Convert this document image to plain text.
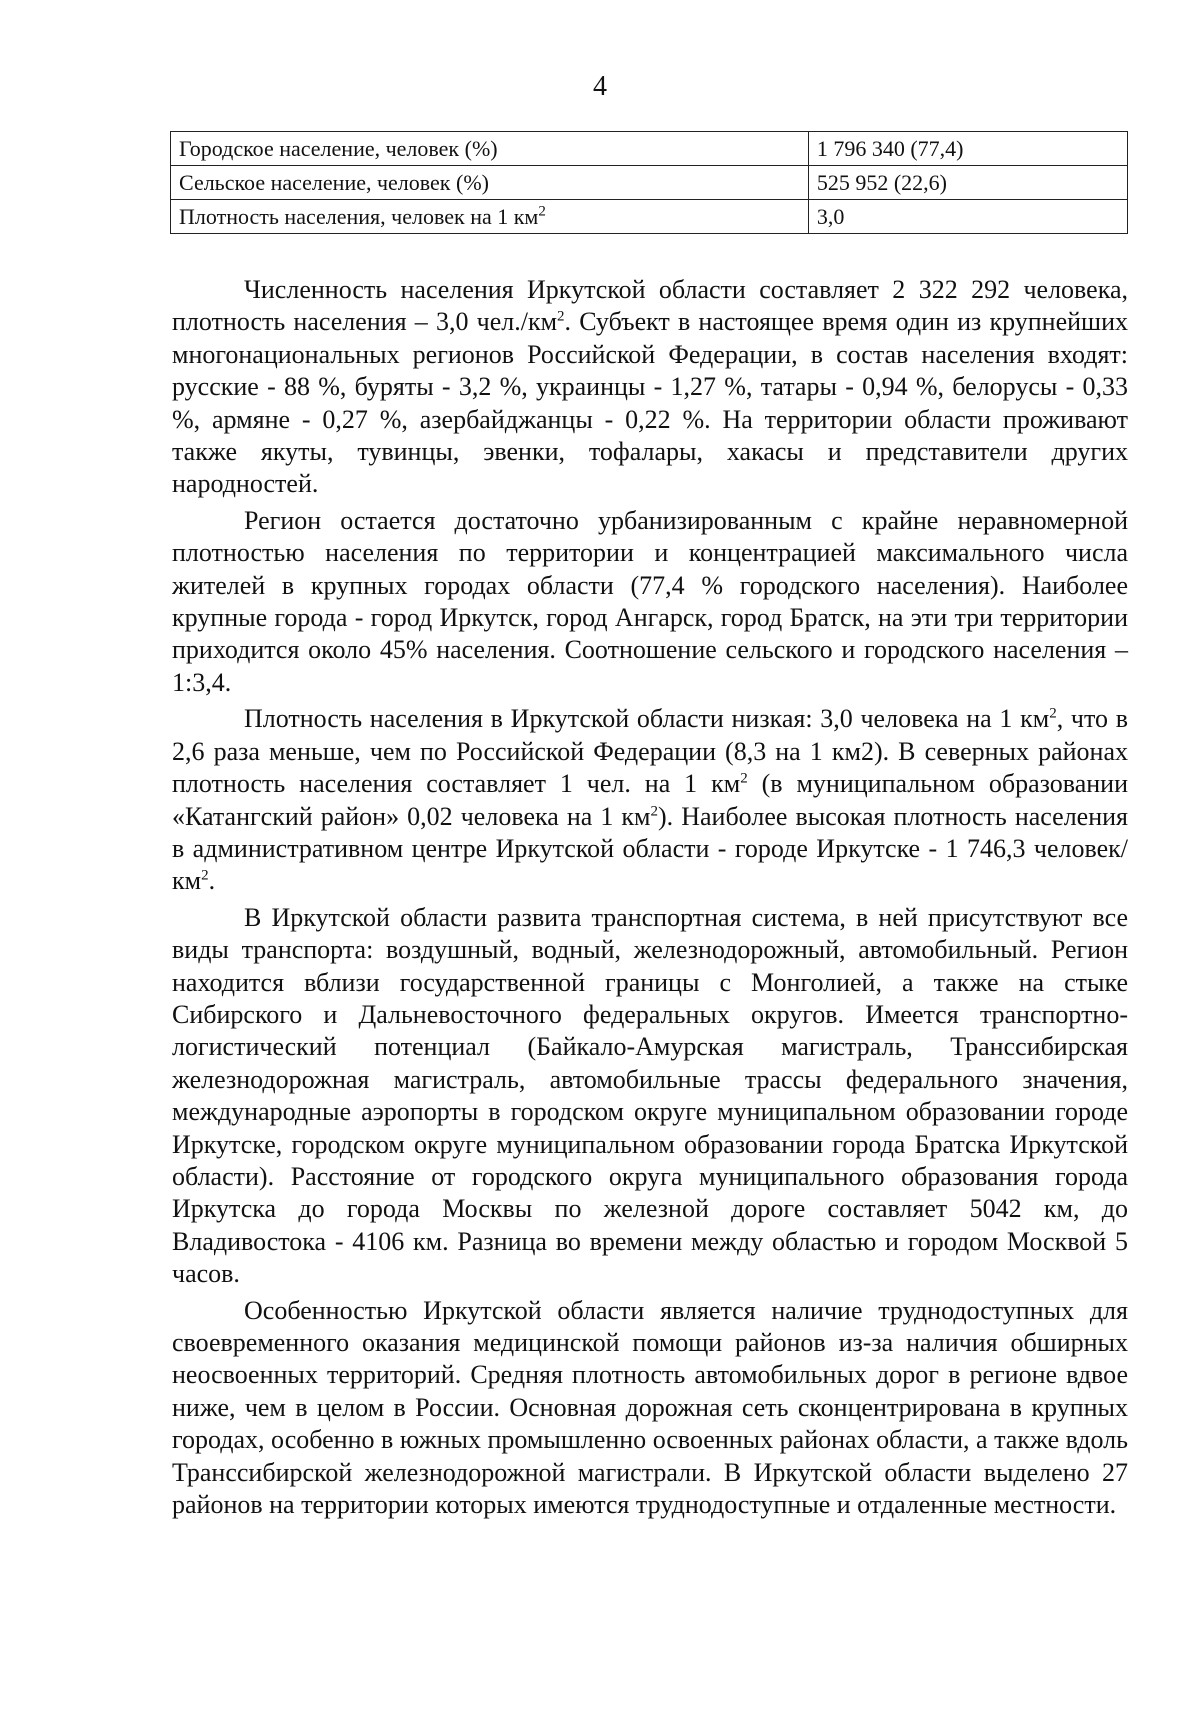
4
Городское население, человек (%)	1 796 340 (77,4)
Сельское население, человек (%)	525 952 (22,6)
Плотность населения, человек на 1 $км^2$	3,0

Численность населения Иркутской области составляет 2 322 292 человека, плотность населения – 3,0 $чел./км^2$. Субъект в настоящее время один из крупнейших многонациональных регионов Российской Федерации, в состав населения входят: русские - 88 %, буряты - 3,2 %, украинцы - 1,27 %, татары - 0,94 %, белорусы - 0,33 %, армяне - 0,27 %, азербайджанцы - 0,22 %. На территории области проживают также якуты, тувинцы, эвенки, тофалары, хакасы и представители других народностей.

Регион остается достаточно урбанизированным с крайне неравномерной плотностью населения по территории и концентрацией максимального числа жителей в крупных городах области (77,4 % городского населения). Наиболее крупные города - город Иркутск, город Ангарск, город Братск, на эти три территории приходится около 45% населения. Соотношение сельского и городского населения – 1:3,4.

Плотность населения в Иркутской области низкая: 3,0 человека на 1 $км^2$, что в 2,6 раза меньше, чем по Российской Федерации (8,3 на 1 км2). В северных районах плотность населения составляет 1 чел. на 1 $км^2$ (в муниципальном образовании «Катангский район» 0,02 человека на 1 $км^2$). Наиболее высокая плотность населения в административном центре Иркутской области - городе Иркутске - 1 746,3 человек/$км^2$.

В Иркутской области развита транспортная система, в ней присутствуют все виды транспорта: воздушный, водный, железнодорожный, автомобильный. Регион находится вблизи государственной границы с Монголией, а также на стыке Сибирского и Дальневосточного федеральных округов. Имеется транспортно-логистический потенциал (Байкало-Амурская магистраль, Транссибирская железнодорожная магистраль, автомобильные трассы федерального значения, международные аэропорты в городском округе муниципальном образовании городе Иркутске, городском округе муниципальном образовании города Братска Иркутской области). Расстояние от городского округа муниципального образования города Иркутска до города Москвы по железной дороге составляет 5042 км, до Владивостока - 4106 км. Разница во времени между областью и городом Москвой 5 часов.

Особенностью Иркутской области является наличие труднодоступных для своевременного оказания медицинской помощи районов из-за наличия обширных неосвоенных территорий. Средняя плотность автомобильных дорог в регионе вдвое ниже, чем в целом в России. Основная дорожная сеть сконцентрирована в крупных городах, особенно в южных промышленно освоенных районах области, а также вдоль Транссибирской железнодорожной магистрали. В Иркутской области выделено 27 районов на территории которых имеются труднодоступные и отдаленные местности.
